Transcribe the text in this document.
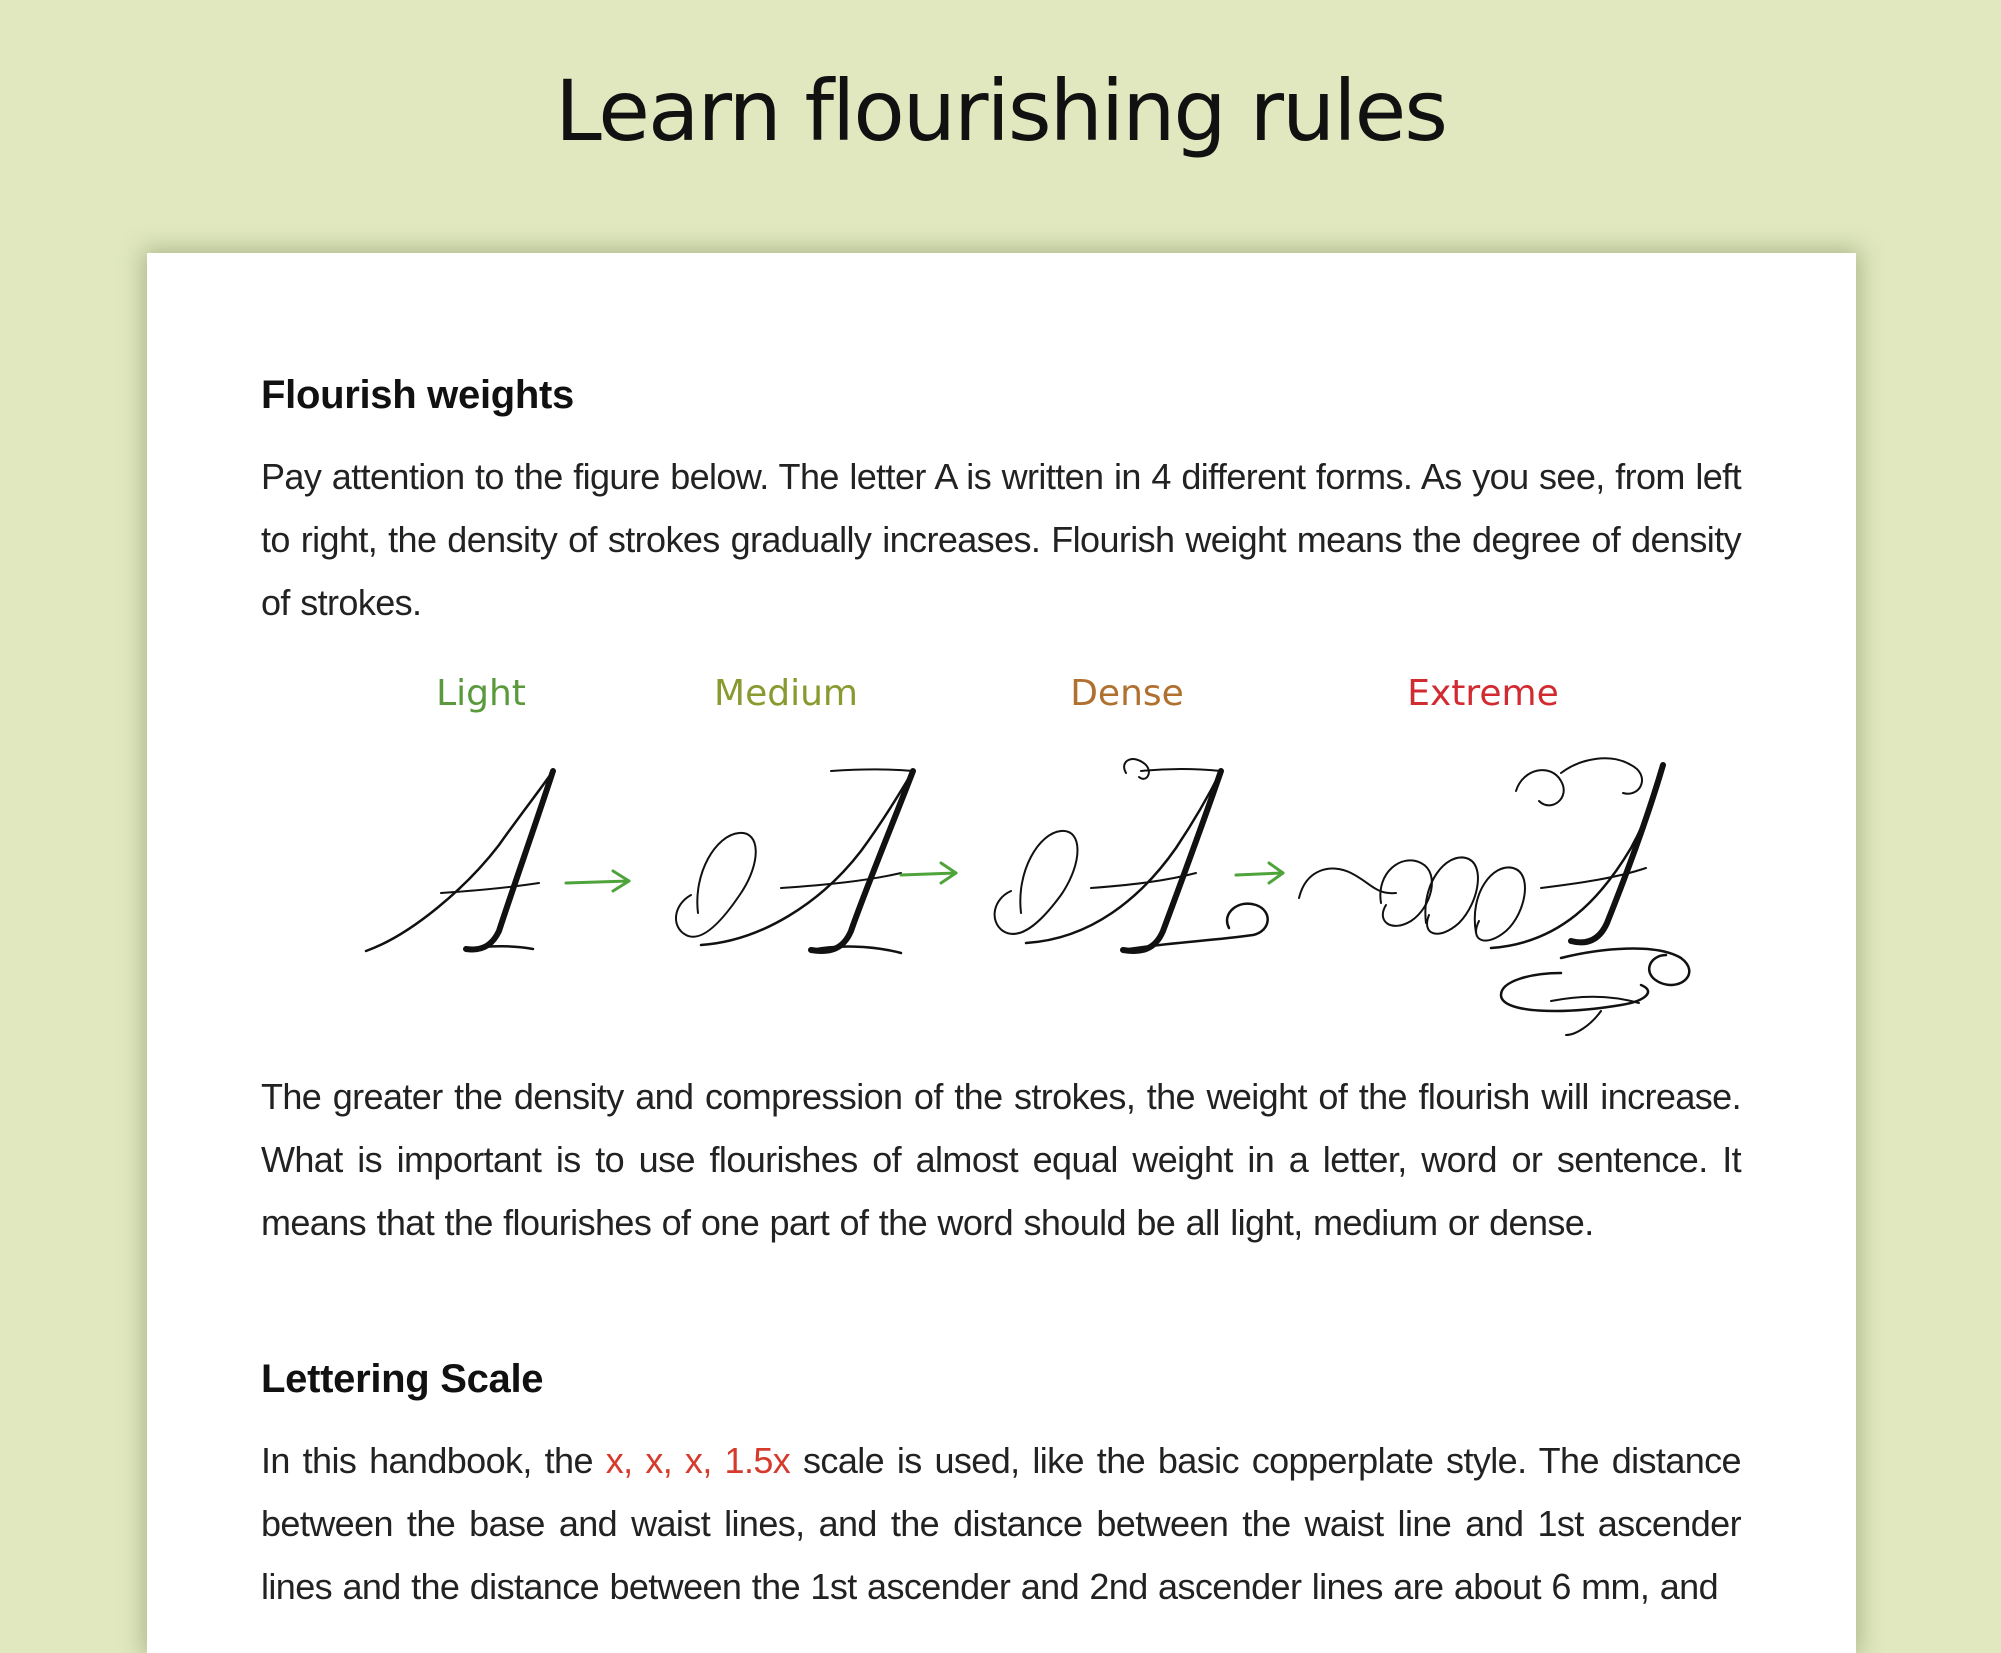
Learn flourishing rules
Flourish weights

Pay attention to the figure below. The letter A is written in 4 different forms. As you see, from left to right, the density of strokes gradually increases. Flourish weight means the degree of density of strokes.

Light	Medium	Dense	Extreme

The greater the density and compression of the strokes, the weight of the flourish will increase. What is important is to use flourishes of almost equal weight in a letter, word or sentence. It means that the flourishes of one part of the word should be all light, medium or dense.

Lettering Scale

In this handbook, the x, x, x, 1.5x scale is used, like the basic copperplate style. The distance between the base and waist lines, and the distance between the waist line and 1st ascender lines and the distance between the 1st ascender and 2nd ascender lines are about 6 mm, and
